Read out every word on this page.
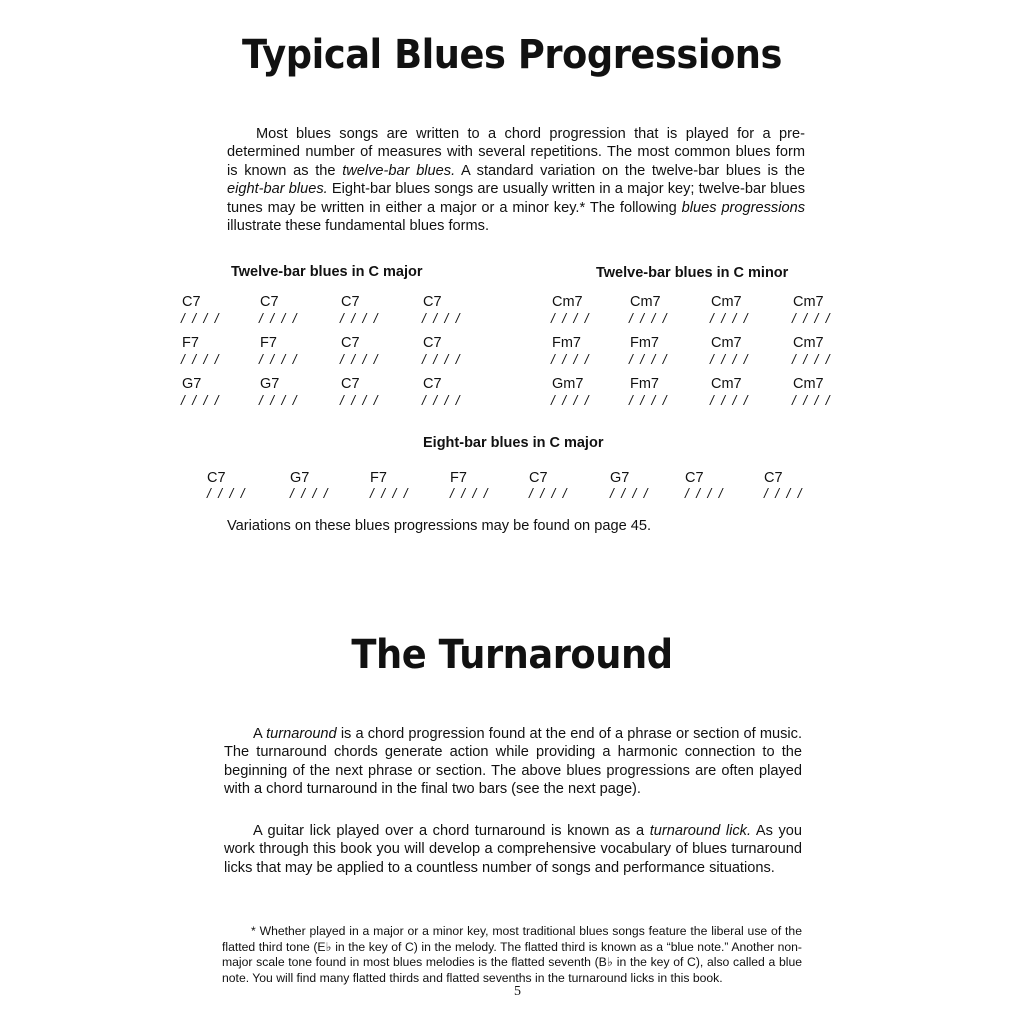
Typical Blues Progressions

Most blues songs are written to a chord progression that is played for a pre-determined number of measures with several repetitions. The most common blues form is known as the twelve-bar blues. A standard variation on the twelve-bar blues is the eight-bar blues. Eight-bar blues songs are usually written in a major key; twelve-bar blues tunes may be written in either a major or a minor key.* The following blues progressions illustrate these fundamental blues forms.

Twelve-bar blues in C major	Twelve-bar blues in C minor
C7
/  /  /  /
C7
/  /  /  /
C7
/  /  /  /
C7
/  /  /  /
F7
/  /  /  /
F7
/  /  /  /
C7
/  /  /  /
C7
/  /  /  /
G7
/  /  /  /
G7
/  /  /  /
C7
/  /  /  /
C7
/  /  /  /
Cm7
/  /  /  /
Cm7
/  /  /  /
Cm7
/  /  /  /
Cm7
/  /  /  /
Fm7
/  /  /  /
Fm7
/  /  /  /
Cm7
/  /  /  /
Cm7
/  /  /  /
Gm7
/  /  /  /
Fm7
/  /  /  /
Cm7
/  /  /  /
Cm7
/  /  /  /
Eight-bar blues in C major
C7
/  /  /  /
G7
/  /  /  /
F7
/  /  /  /
F7
/  /  /  /
C7
/  /  /  /
G7
/  /  /  /
C7
/  /  /  /
C7
/  /  /  /
Variations on these blues progressions may be found on page 45.
The Turnaround

A turnaround is a chord progression found at the end of a phrase or section of music. The turnaround chords generate action while providing a harmonic connection to the beginning of the next phrase or section. The above blues progressions are often played with a chord turnaround in the final two bars (see the next page).

A guitar lick played over a chord turnaround is known as a turnaround lick. As you work through this book you will develop a comprehensive vocabulary of blues turnaround licks that may be applied to a countless number of songs and performance situations.

* Whether played in a major or a minor key, most traditional blues songs feature the liberal use of the flatted third tone (E♭ in the key of C) in the melody. The flatted third is known as a “blue note.” Another non-major scale tone found in most blues melodies is the flatted seventh (B♭ in the key of C), also called a blue note. You will find many flatted thirds and flatted sevenths in the turnaround licks in this book.

5
